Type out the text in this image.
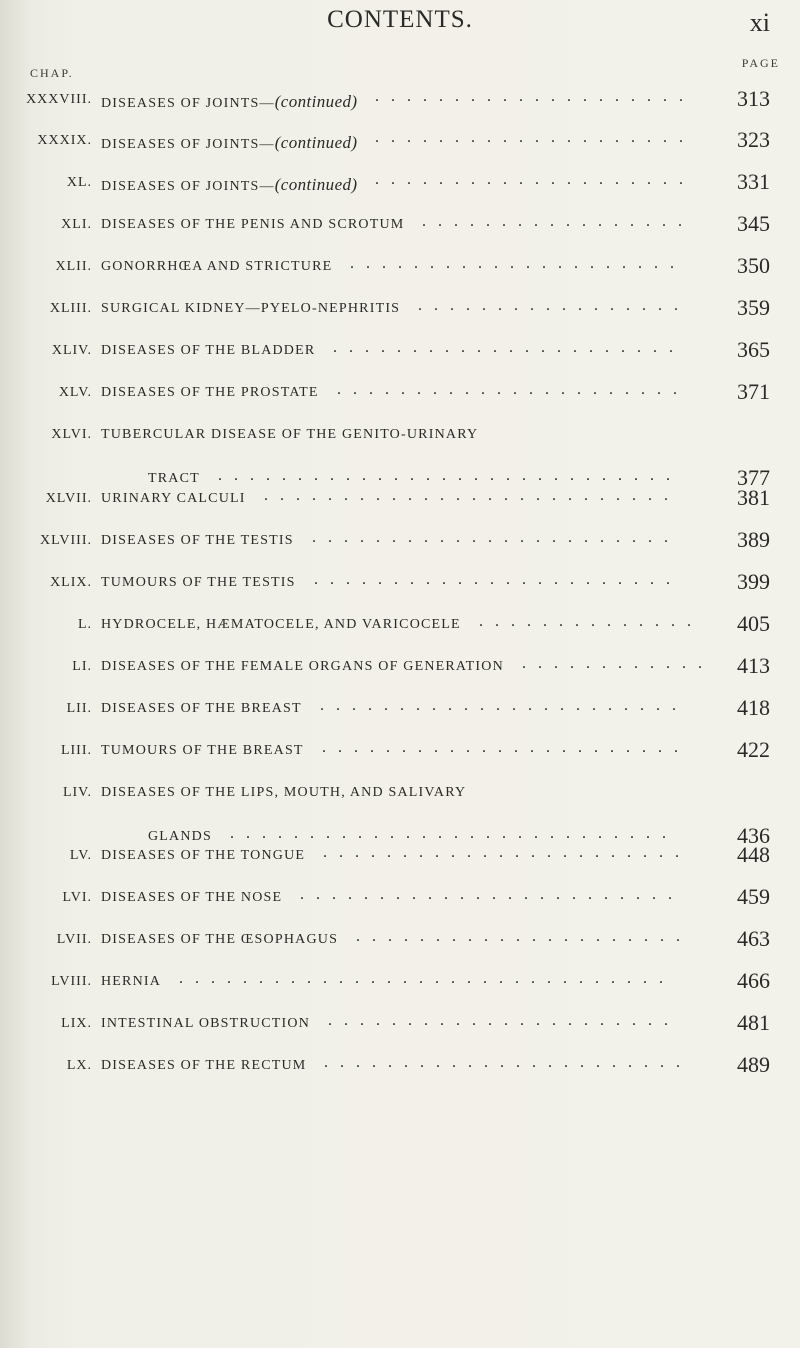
CONTENTS.	xi
CHAP.
PAGE
XXXVIII. DISEASES OF JOINTS—(continued)	313
....................
XXXIX. DISEASES OF JOINTS—(continued)	323
....................
XL. DISEASES OF JOINTS—(continued)	331
....................
XLI. DISEASES OF THE PENIS AND SCROTUM	345
.................
XLII. GONORRHŒA AND STRICTURE	350
.....................
XLIII. SURGICAL KIDNEY—PYELO-NEPHRITIS	359
.................
XLIV. DISEASES OF THE BLADDER	365
......................
XLV. DISEASES OF THE PROSTATE	371
......................
XLVI. TUBERCULAR DISEASE OF THE GENITO-URINARY
TRACT	377
.............................
XLVII. URINARY CALCULI	381
..........................
XLVIII. DISEASES OF THE TESTIS	389
.......................
XLIX. TUMOURS OF THE TESTIS	399
.......................
L. HYDROCELE, HÆMATOCELE, AND VARICOCELE	405
..............
LI. DISEASES OF THE FEMALE ORGANS OF GENERATION	413
............
LII. DISEASES OF THE BREAST	418
.......................
LIII. TUMOURS OF THE BREAST	422
.......................
LIV. DISEASES OF THE LIPS, MOUTH, AND SALIVARY
GLANDS	436
............................
LV. DISEASES OF THE TONGUE	448
.......................
LVI. DISEASES OF THE NOSE	459
........................
LVII. DISEASES OF THE ŒSOPHAGUS	463
.....................
LVIII. HERNIA	466
...............................
LIX. INTESTINAL OBSTRUCTION	481
......................
LX. DISEASES OF THE RECTUM	489
.......................
